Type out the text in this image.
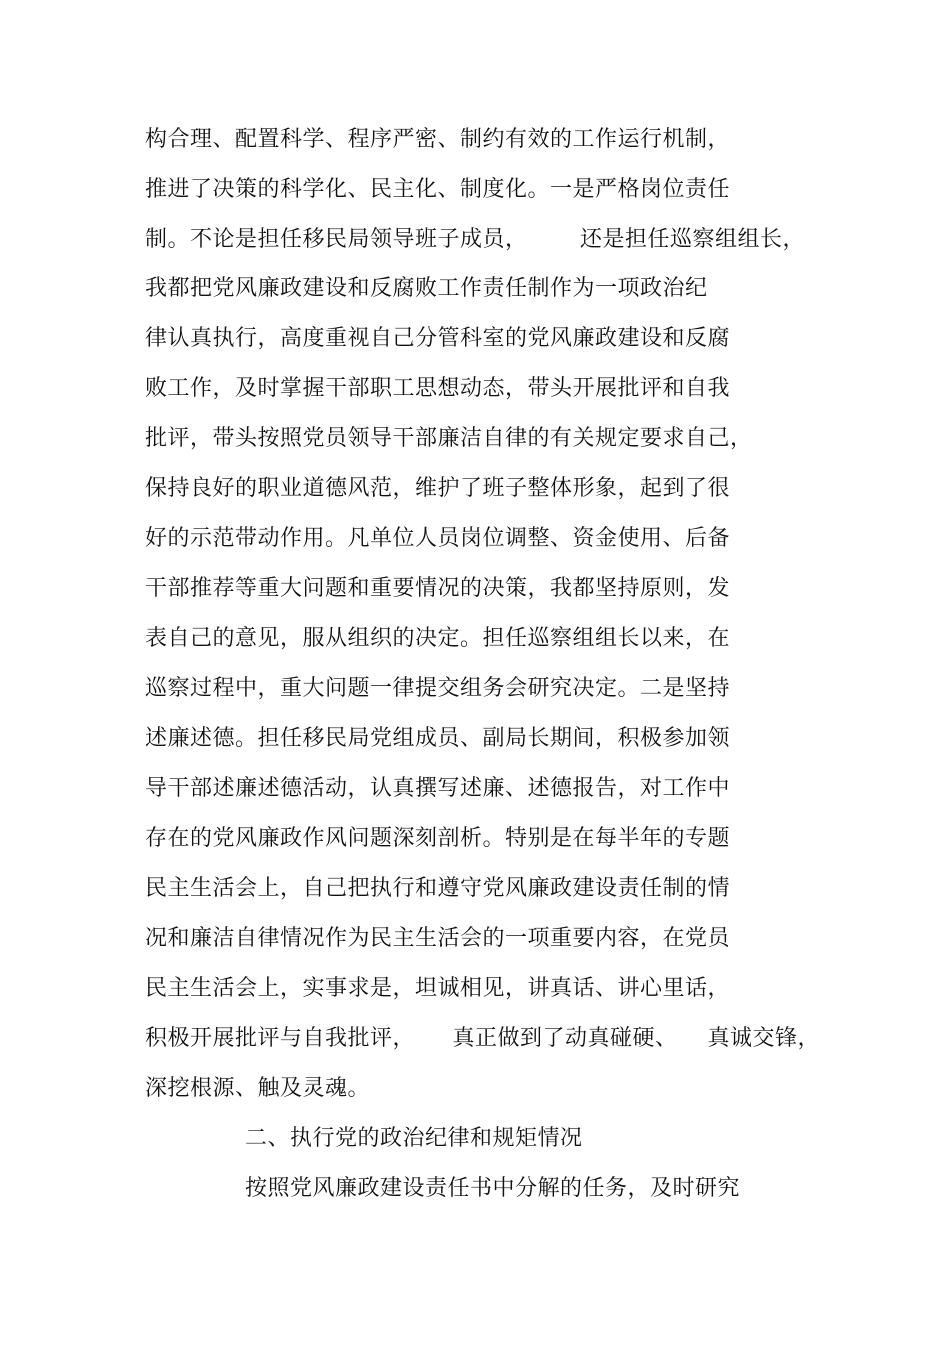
构合理、配置科学、程序严密、制约有效的工作运行机制，
推进了决策的科学化、民主化、制度化。一是严格岗位责任
制。不论是担任移民局领导班子成员，       还是担任巡察组组长，
我都把党风廉政建设和反腐败工作责任制作为一项政治纪
律认真执行，高度重视自己分管科室的党风廉政建设和反腐
败工作，及时掌握干部职工思想动态，带头开展批评和自我
批评，带头按照党员领导干部廉洁自律的有关规定要求自己，
保持良好的职业道德风范，维护了班子整体形象，起到了很
好的示范带动作用。凡单位人员岗位调整、资金使用、后备
干部推荐等重大问题和重要情况的决策，我都坚持原则，发
表自己的意见，服从组织的决定。担任巡察组组长以来，在
巡察过程中，重大问题一律提交组务会研究决定。二是坚持
述廉述德。担任移民局党组成员、副局长期间，积极参加领
导干部述廉述德活动，认真撰写述廉、述德报告，对工作中
存在的党风廉政作风问题深刻剖析。特别是在每半年的专题
民主生活会上，自己把执行和遵守党风廉政建设责任制的情
况和廉洁自律情况作为民主生活会的一项重要内容，在党员
民主生活会上，实事求是，坦诚相见，讲真话、讲心里话，
积极开展批评与自我批评，     真正做到了动真碰硬、    真诚交锋，
深挖根源、触及灵魂。
二、执行党的政治纪律和规矩情况
按照党风廉政建设责任书中分解的任务，及时研究
